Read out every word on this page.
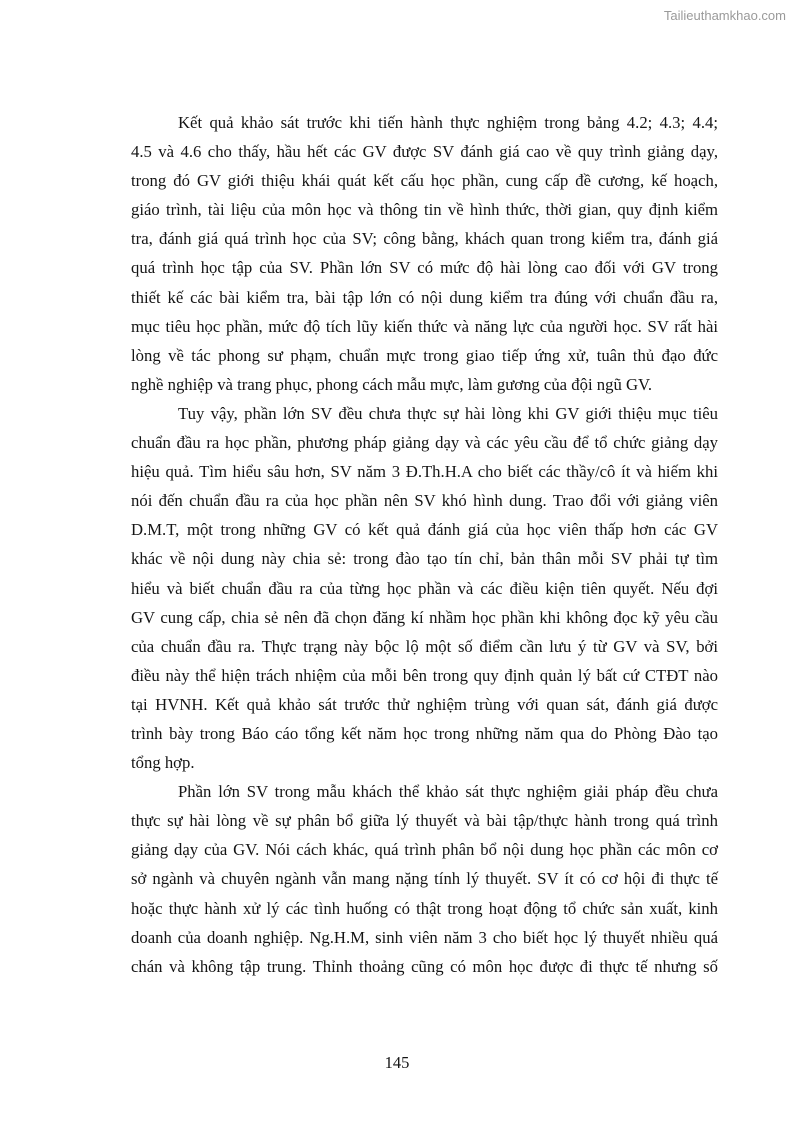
Tailieuthamkhao.com
Kết quả khảo sát trước khi tiến hành thực nghiệm trong bảng 4.2; 4.3; 4.4;
4.5 và 4.6 cho thấy, hầu hết các GV được SV đánh giá cao về quy trình giảng dạy,
trong đó GV giới thiệu khái quát kết cấu học phần, cung cấp đề cương, kế hoạch,
giáo trình, tài liệu của môn học và thông tin về hình thức, thời gian, quy định kiểm
tra, đánh giá quá trình học của SV; công bằng, khách quan trong kiểm tra, đánh giá
quá trình học tập của SV. Phần lớn SV có mức độ hài lòng cao đối với GV trong
thiết kế các bài kiểm tra, bài tập lớn có nội dung kiểm tra đúng với chuẩn đầu ra,
mục tiêu học phần, mức độ tích lũy kiến thức và năng lực của người học. SV rất hài
lòng về tác phong sư phạm, chuẩn mực trong giao tiếp ứng xử, tuân thủ đạo đức
nghề nghiệp và trang phục, phong cách mẫu mực, làm gương của đội ngũ GV.
Tuy vậy, phần lớn SV đều chưa thực sự hài lòng khi GV giới thiệu mục tiêu
chuẩn đầu ra học phần, phương pháp giảng dạy và các yêu cầu để tổ chức giảng dạy
hiệu quả. Tìm hiểu sâu hơn, SV năm 3 Đ.Th.H.A cho biết các thầy/cô ít và hiếm khi
nói đến chuẩn đầu ra của học phần nên SV khó hình dung. Trao đổi với giảng viên
D.M.T, một trong những GV có kết quả đánh giá của học viên thấp hơn các GV
khác về nội dung này chia sẻ: trong đào tạo tín chỉ, bản thân mỗi SV phải tự tìm
hiểu và biết chuẩn đầu ra của từng học phần và các điều kiện tiên quyết. Nếu đợi
GV cung cấp, chia sẻ nên đã chọn đăng kí nhầm học phần khi không đọc kỹ yêu cầu
của chuẩn đầu ra. Thực trạng này bộc lộ một số điểm cần lưu ý từ GV và SV, bởi
điều này thể hiện trách nhiệm của mỗi bên trong quy định quản lý bất cứ CTĐT nào
tại HVNH. Kết quả khảo sát trước thử nghiệm trùng với quan sát, đánh giá được
trình bày trong Báo cáo tổng kết năm học trong những năm qua do Phòng Đào tạo
tổng hợp.
Phần lớn SV trong mẫu khách thể khảo sát thực nghiệm giải pháp đều chưa
thực sự hài lòng về sự phân bổ giữa lý thuyết và bài tập/thực hành trong quá trình
giảng dạy của GV. Nói cách khác, quá trình phân bổ nội dung học phần các môn cơ
sở ngành và chuyên ngành vẫn mang nặng tính lý thuyết. SV ít có cơ hội đi thực tế
hoặc thực hành xử lý các tình huống có thật trong hoạt động tổ chức sản xuất, kinh
doanh của doanh nghiệp. Ng.H.M, sinh viên năm 3 cho biết học lý thuyết nhiều quá
chán và không tập trung. Thỉnh thoảng cũng có môn học được đi thực tế nhưng số
145
